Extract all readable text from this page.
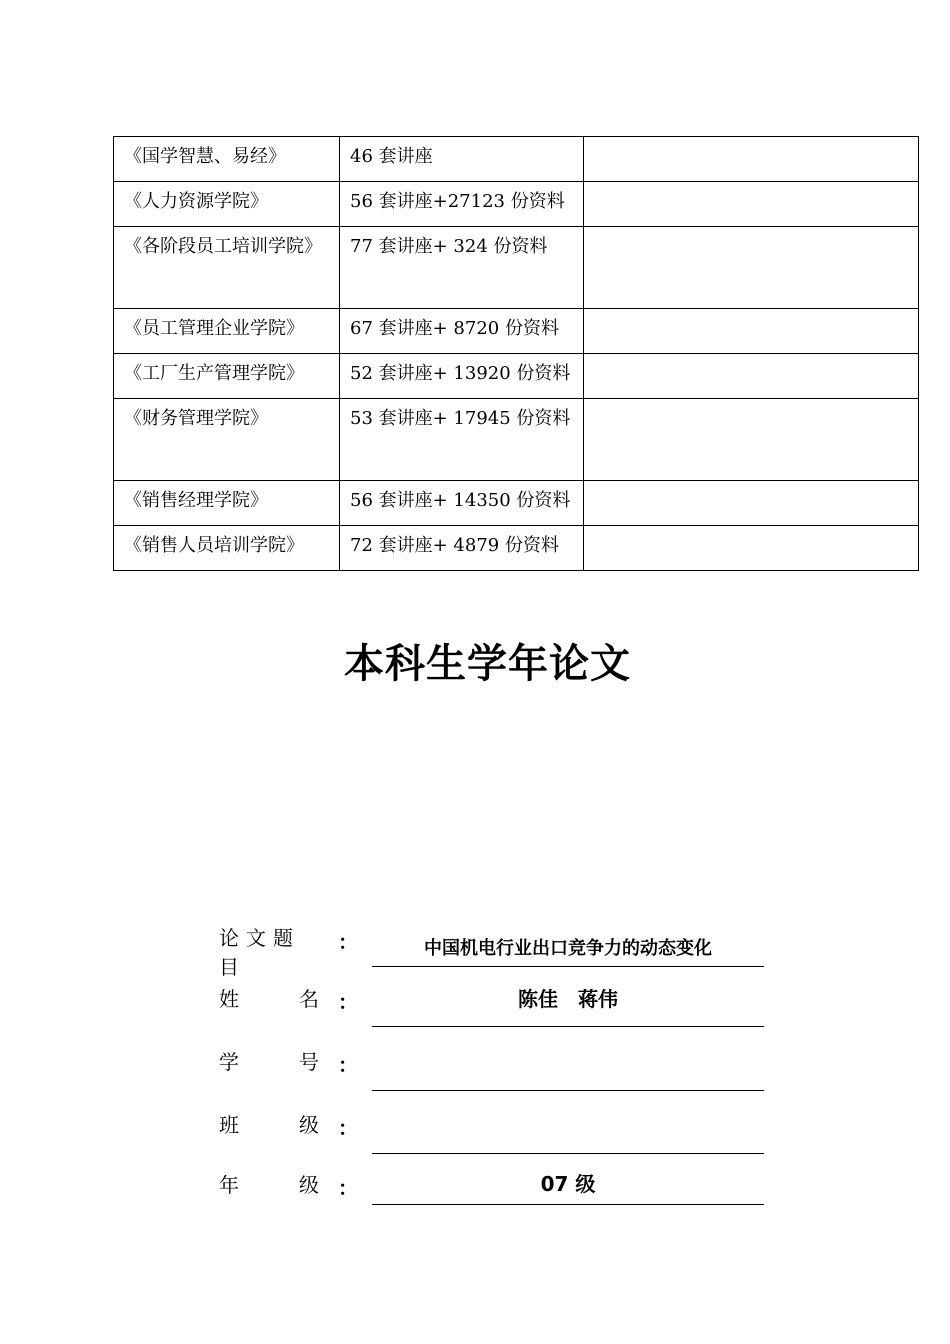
《国学智慧、易经》	46 套讲座	

《人力资源学院》	56 套讲座+27123 份资料	

《各阶段员工培训学院》	77 套讲座+ 324 份资料	

《员工管理企业学院》	67 套讲座+ 8720 份资料	

《工厂生产管理学院》	52 套讲座+ 13920 份资料	

《财务管理学院》	53 套讲座+ 17945 份资料	

《销售经理学院》	56 套讲座+ 14350 份资料	

《销售人员培训学院》	72 套讲座+ 4879 份资料	

本科生学年论文
论文题目
：	中国机电行业出口竞争力的动态变化
姓	名 ：	陈佳　蒋伟
学	号 ：
班	级 ：
年	级 ：	07 级
